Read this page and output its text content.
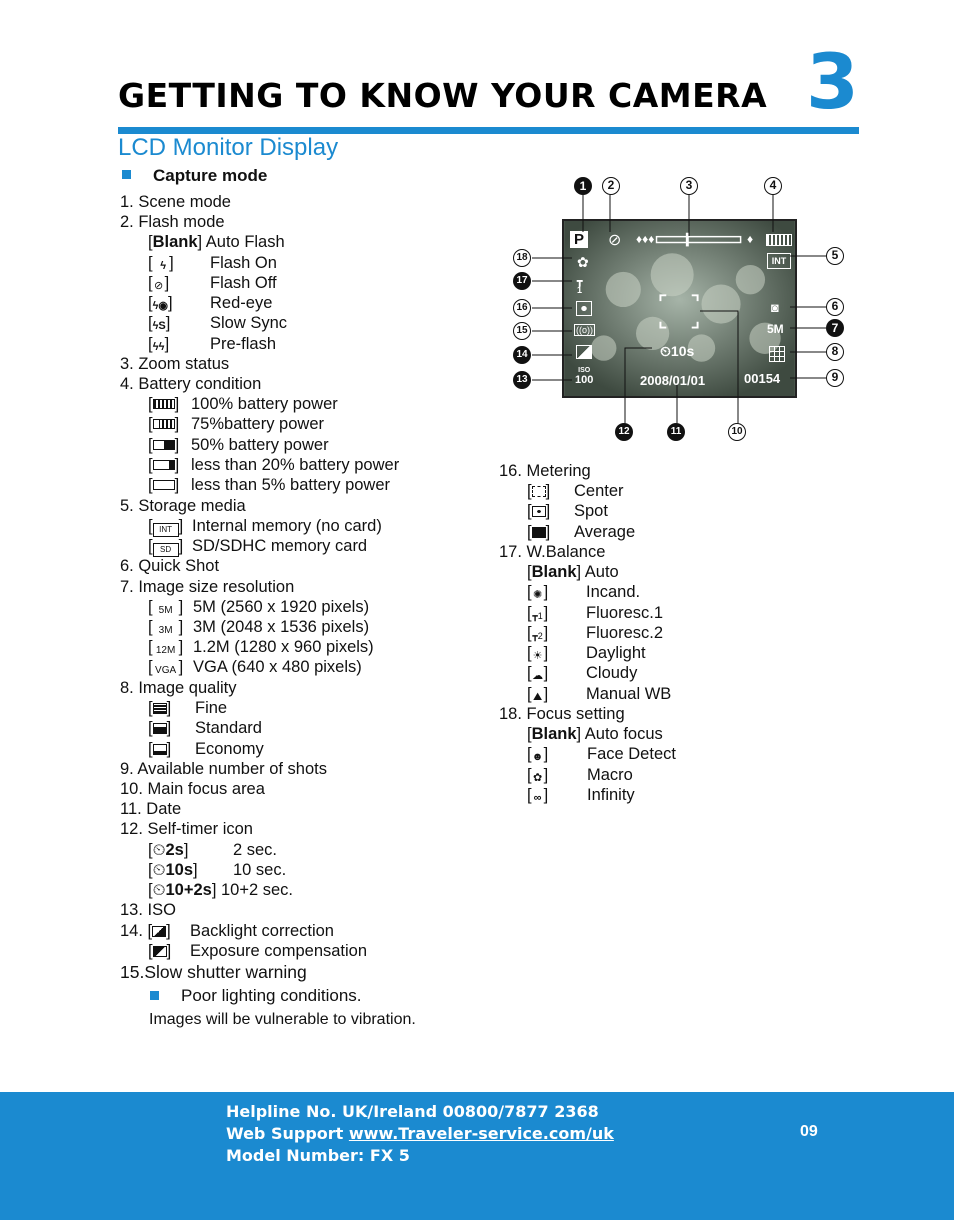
GETTING TO KNOW YOUR CAMERA 3
LCD Monitor Display
Capture mode
1. Scene mode
2. Flash mode
[Blank] Auto Flash
[ ϟ ] Flash On
[⊘] Flash Off
[ϟ◉] Red-eye
[ϟS] Slow Sync
[ϟϟ] Pre-flash
3. Zoom status
4. Battery condition
[ ] 100% battery power
[ ] 75%battery power
[ ] 50% battery power
[ ] less than 20% battery power
[ ] less than 5% battery power
5. Storage media
[ INT ] Internal memory (no card)
[ SD ] SD/SDHC memory card
6. Quick Shot
7. Image size resolution
[ 5M ] 5M (2560 x 1920 pixels)
[ 3M ] 3M (2048 x 1536 pixels)
[ 12M ] 1.2M (1280 x 960 pixels)
[ VGA ] VGA (640 x 480 pixels)
8. Image quality
[ ] Fine
[ ] Standard
[ ] Economy
9. Available number of shots
10. Main focus area
11. Date
12. Self-timer icon
[⏲2s]	2 sec.
[⏲10s] 10 sec.
[⏲10+2s] 10+2 sec.
13. ISO
14. [ ] Backlight correction
[ ] Exposure compensation
15.Slow shutter warning
Poor lighting conditions.
Images will be vulnerable to vibration.
16. Metering
[ ] Center
[ ] Spot
[ ] Average
17. W.Balance
[Blank] Auto
[✺] Incand.
[┳1] Fluoresc.1
[┳2] Fluoresc.2
[☀] Daylight
[☁] Cloudy
[⛰] Manual WB
18. Focus setting
[Blank] Auto focus
[☻] Face Detect
[✿] Macro
[ ∞ ] Infinity
P ⊘ ♦♦♦	♦
INT
◙
5M
00154
2008/01/01
⏲10s
ISO
100
((o))
┳
1
✿
1	2	3	4
5
6
7
8
9
10
11
12
13
14
15
16
17
18
Helpline No. UK/Ireland 00800/7877 2368
Web Support www.Traveler-service.com/uk
Model Number: FX 5
09
